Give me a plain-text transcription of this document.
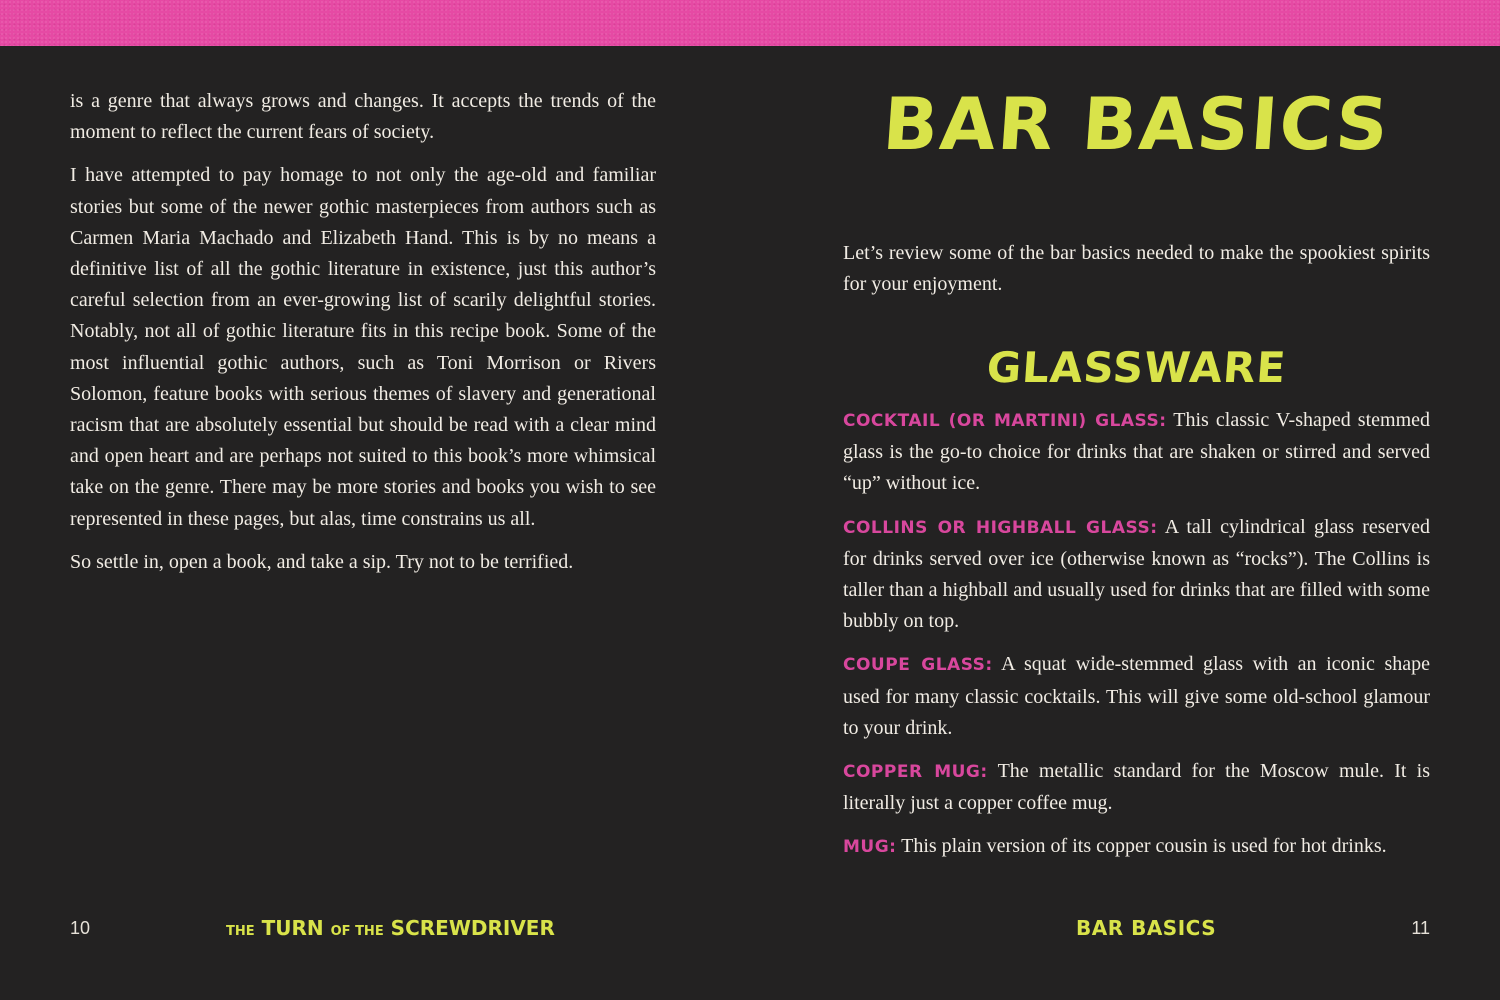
is a genre that always grows and changes. It accepts the trends of the moment to reflect the current fears of society.

I have attempted to pay homage to not only the age-old and familiar stories but some of the newer gothic masterpieces from authors such as Carmen Maria Machado and Elizabeth Hand. This is by no means a definitive list of all the gothic literature in existence, just this author’s careful selection from an ever-growing list of scarily delightful stories. Notably, not all of gothic literature fits in this recipe book. Some of the most influential gothic authors, such as Toni Morrison or Rivers Solomon, feature books with serious themes of slavery and generational racism that are absolutely essential but should be read with a clear mind and open heart and are perhaps not suited to this book’s more whimsical take on the genre. There may be more stories and books you wish to see represented in these pages, but alas, time constrains us all.

So settle in, open a book, and take a sip. Try not to be terrified.

10	THE TURN OF THE SCREWDRIVER
BAR BASICS

Let’s review some of the bar basics needed to make the spookiest spirits for your enjoyment.

GLASSWARE

COCKTAIL (OR MARTINI) GLASS: This classic V-shaped stemmed glass is the go-to choice for drinks that are shaken or stirred and served “up” without ice.

COLLINS OR HIGHBALL GLASS: A tall cylindrical glass reserved for drinks served over ice (otherwise known as “rocks”). The Collins is taller than a highball and usually used for drinks that are filled with some bubbly on top.

COUPE GLASS: A squat wide-stemmed glass with an iconic shape used for many classic cocktails. This will give some old-school glamour to your drink.

COPPER MUG: The metallic standard for the Moscow mule. It is literally just a copper coffee mug.

MUG: This plain version of its copper cousin is used for hot drinks.

BAR BASICS	11
